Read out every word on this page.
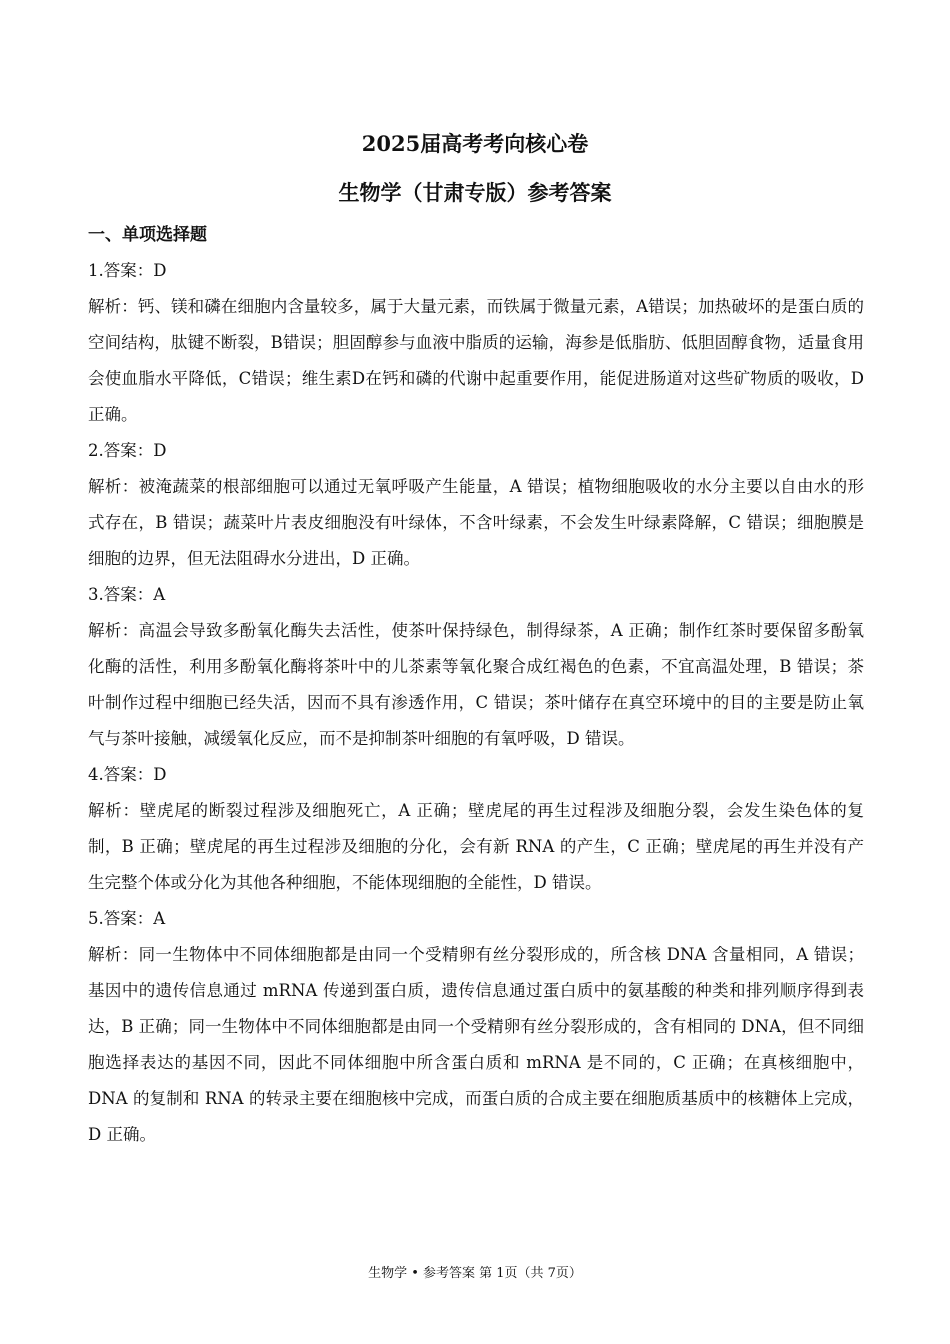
2025届高考考向核心卷
生物学（甘肃专版）参考答案

一、单项选择题

1.答案：D

解析：钙、镁和磷在细胞内含量较多，属于大量元素，而铁属于微量元素，A错误；加热破坏的是蛋白质的空间结构，肽键不断裂，B错误；胆固醇参与血液中脂质的运输，海参是低脂肪、低胆固醇食物，适量食用会使血脂水平降低，C错误；维生素D在钙和磷的代谢中起重要作用，能促进肠道对这些矿物质的吸收，D正确。

2.答案：D

解析：被淹蔬菜的根部细胞可以通过无氧呼吸产生能量，A 错误；植物细胞吸收的水分主要以自由水的形式存在，B 错误；蔬菜叶片表皮细胞没有叶绿体，不含叶绿素，不会发生叶绿素降解，C 错误；细胞膜是细胞的边界，但无法阻碍水分进出，D 正确。

3.答案：A

解析：高温会导致多酚氧化酶失去活性，使茶叶保持绿色，制得绿茶，A 正确；制作红茶时要保留多酚氧化酶的活性，利用多酚氧化酶将茶叶中的儿茶素等氧化聚合成红褐色的色素，不宜高温处理，B 错误；茶叶制作过程中细胞已经失活，因而不具有渗透作用，C 错误；茶叶储存在真空环境中的目的主要是防止氧气与茶叶接触，减缓氧化反应，而不是抑制茶叶细胞的有氧呼吸，D 错误。

4.答案：D

解析：壁虎尾的断裂过程涉及细胞死亡，A 正确；壁虎尾的再生过程涉及细胞分裂，会发生染色体的复制，B 正确；壁虎尾的再生过程涉及细胞的分化，会有新 RNA 的产生，C 正确；壁虎尾的再生并没有产生完整个体或分化为其他各种细胞，不能体现细胞的全能性，D 错误。

5.答案：A

解析：同一生物体中不同体细胞都是由同一个受精卵有丝分裂形成的，所含核 DNA 含量相同，A 错误；基因中的遗传信息通过 mRNA 传递到蛋白质，遗传信息通过蛋白质中的氨基酸的种类和排列顺序得到表达，B 正确；同一生物体中不同体细胞都是由同一个受精卵有丝分裂形成的，含有相同的 DNA，但不同细胞选择表达的基因不同，因此不同体细胞中所含蛋白质和 mRNA 是不同的，C 正确；在真核细胞中，DNA 的复制和 RNA 的转录主要在细胞核中完成，而蛋白质的合成主要在细胞质基质中的核糖体上完成，D 正确。

生物学 • 参考答案 第 1页（共 7页）
